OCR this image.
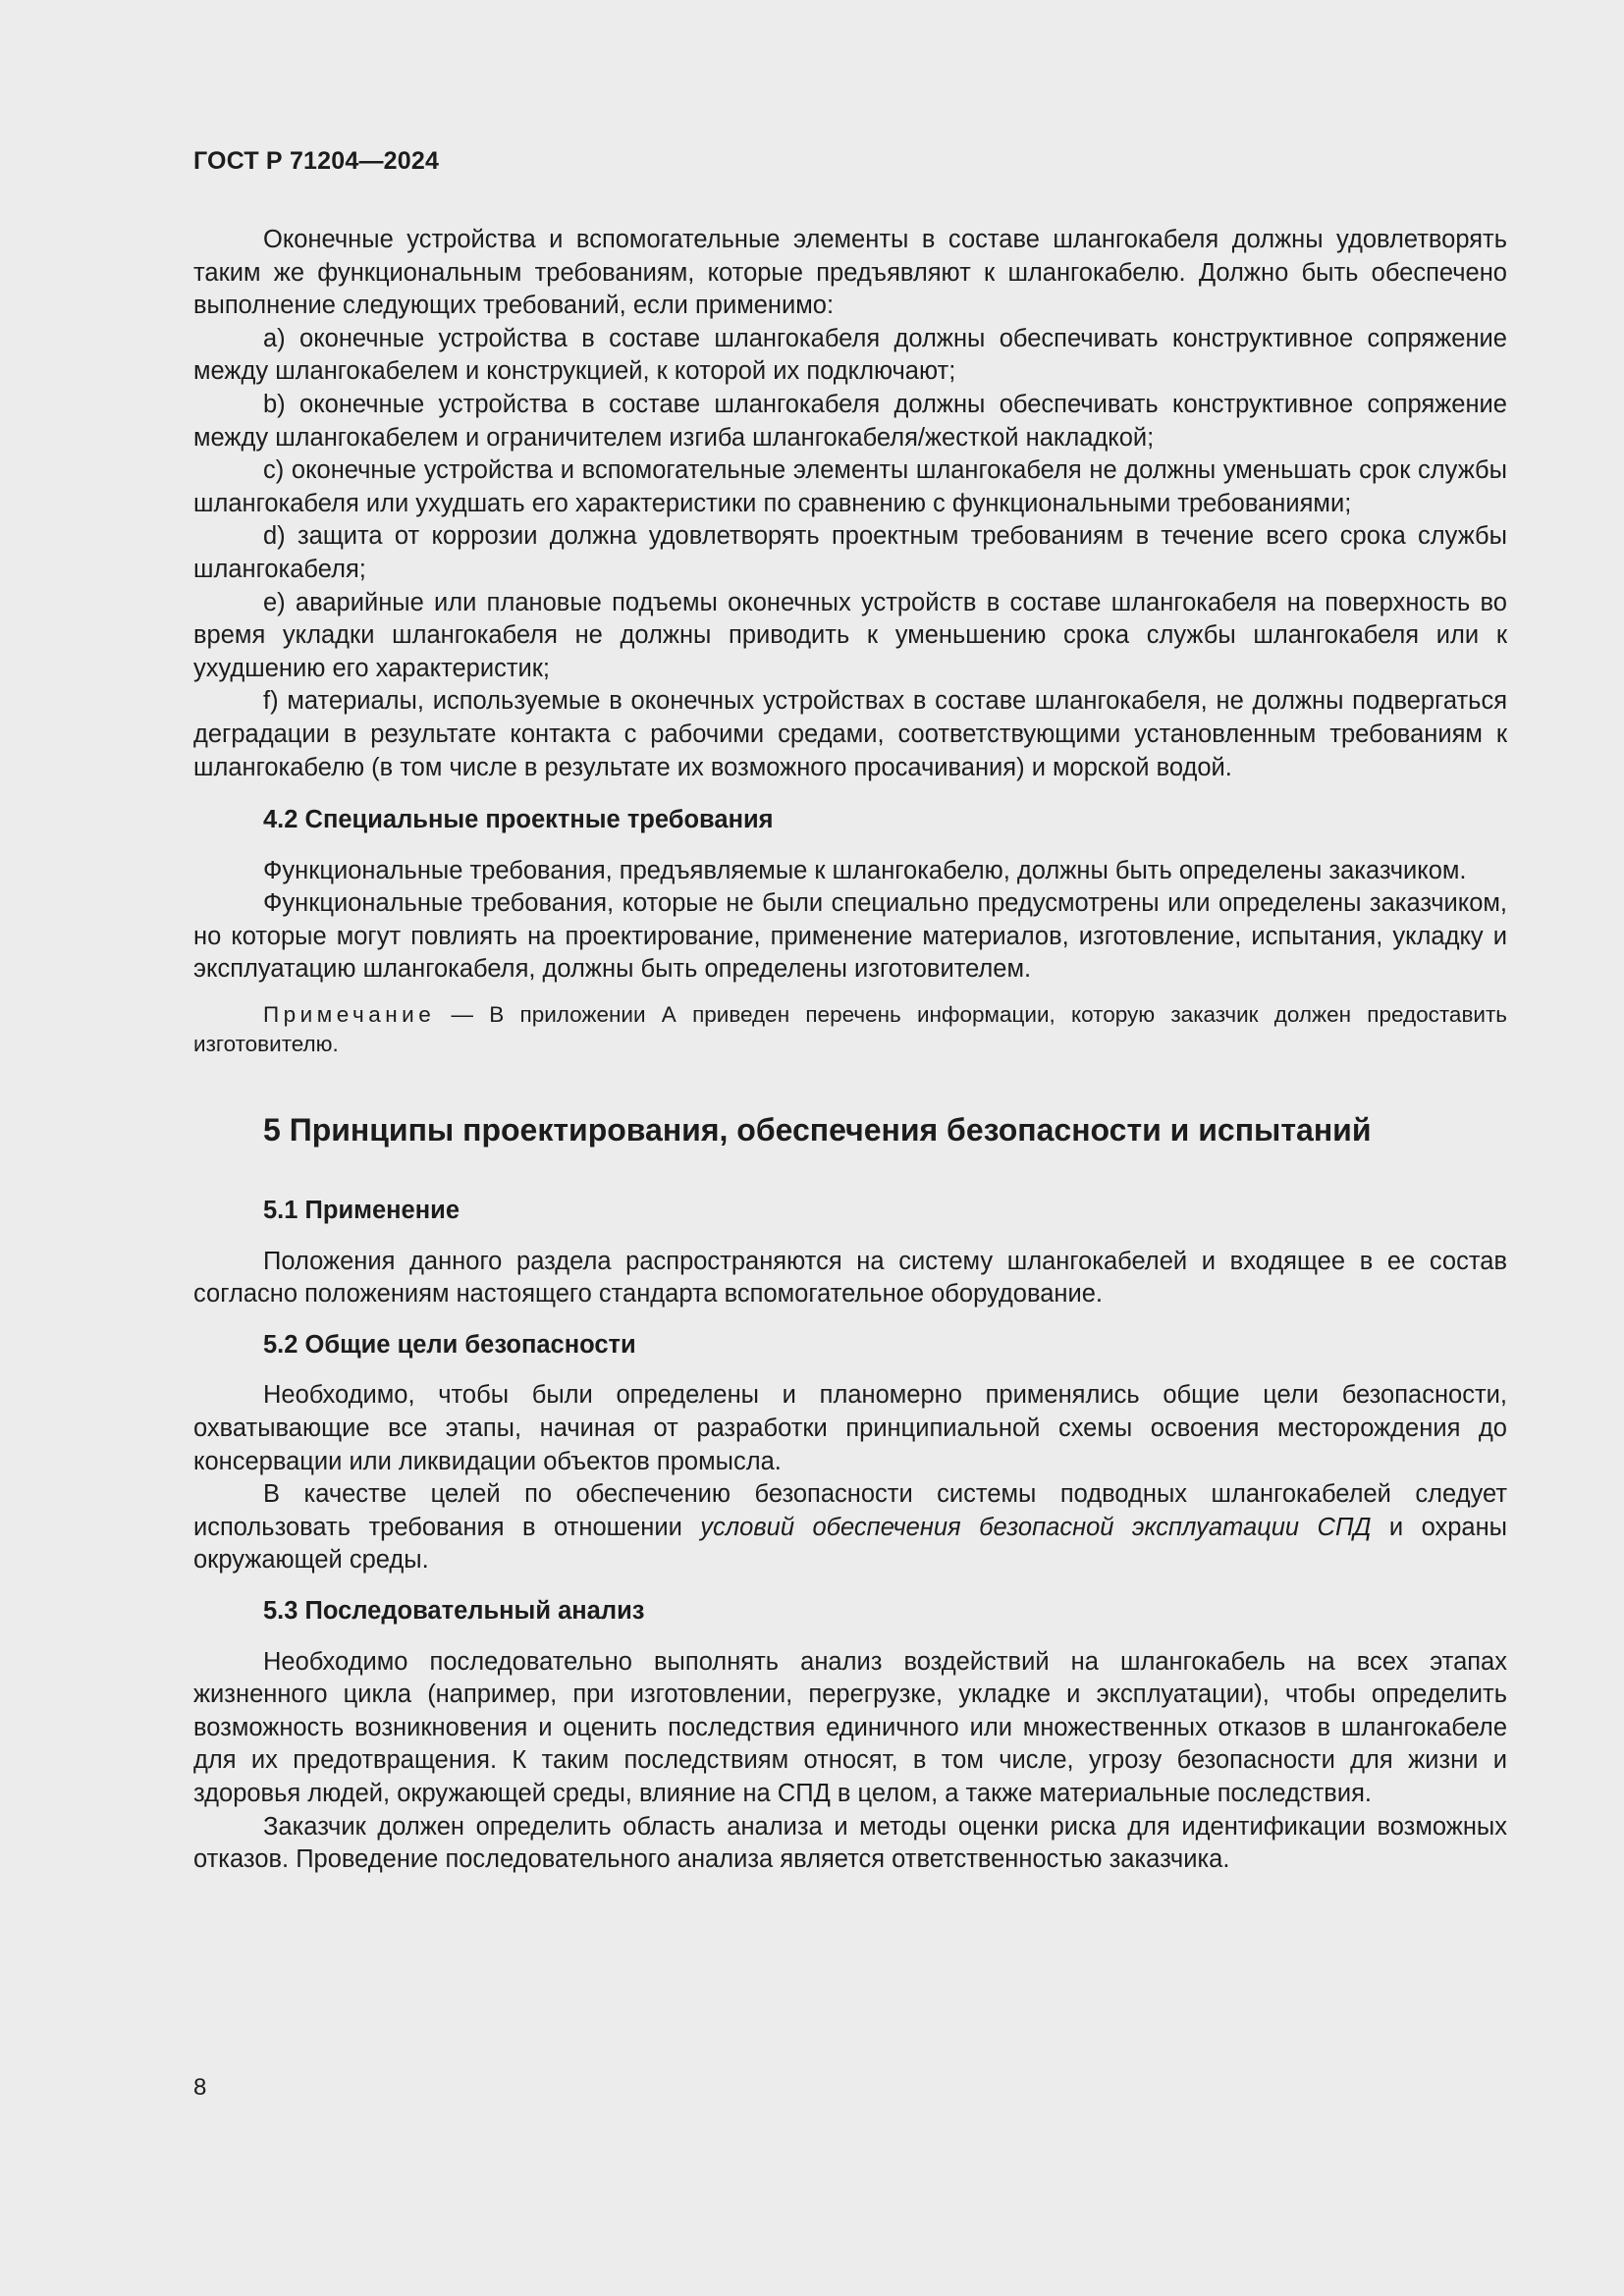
ГОСТ Р 71204—2024

Оконечные устройства и вспомогательные элементы в составе шлангокабеля должны удовлетворять таким же функциональным требованиям, которые предъявляют к шлангокабелю. Должно быть обеспечено выполнение следующих требований, если применимо:

а) оконечные устройства в составе шлангокабеля должны обеспечивать конструктивное сопряжение между шлангокабелем и конструкцией, к которой их подключают;

b) оконечные устройства в составе шлангокабеля должны обеспечивать конструктивное сопряжение между шлангокабелем и ограничителем изгиба шлангокабеля/жесткой накладкой;

с) оконечные устройства и вспомогательные элементы шлангокабеля не должны уменьшать срок службы шлангокабеля или ухудшать его характеристики по сравнению с функциональными требованиями;

d) защита от коррозии должна удовлетворять проектным требованиям в течение всего срока службы шлангокабеля;

е) аварийные или плановые подъемы оконечных устройств в составе шлангокабеля на поверхность во время укладки шлангокабеля не должны приводить к уменьшению срока службы шлангокабеля или к ухудшению его характеристик;

f) материалы, используемые в оконечных устройствах в составе шлангокабеля, не должны подвергаться деградации в результате контакта с рабочими средами, соответствующими установленным требованиям к шлангокабелю (в том числе в результате их возможного просачивания) и морской водой.

4.2 Специальные проектные требования

Функциональные требования, предъявляемые к шлангокабелю, должны быть определены заказчиком.

Функциональные требования, которые не были специально предусмотрены или определены заказчиком, но которые могут повлиять на проектирование, применение материалов, изготовление, испытания, укладку и эксплуатацию шлангокабеля, должны быть определены изготовителем.

Примечание — В приложении А приведен перечень информации, которую заказчик должен предоставить изготовителю.
5 Принципы проектирования, обеспечения безопасности и испытаний
5.1 Применение

Положения данного раздела распространяются на систему шлангокабелей и входящее в ее состав согласно положениям настоящего стандарта вспомогательное оборудование.

5.2 Общие цели безопасности

Необходимо, чтобы были определены и планомерно применялись общие цели безопасности, охватывающие все этапы, начиная от разработки принципиальной схемы освоения месторождения до консервации или ликвидации объектов промысла.

В качестве целей по обеспечению безопасности системы подводных шлангокабелей следует использовать требования в отношении условий обеспечения безопасной эксплуатации СПД и охраны окружающей среды.

5.3 Последовательный анализ

Необходимо последовательно выполнять анализ воздействий на шлангокабель на всех этапах жизненного цикла (например, при изготовлении, перегрузке, укладке и эксплуатации), чтобы определить возможность возникновения и оценить последствия единичного или множественных отказов в шлангокабеле для их предотвращения. К таким последствиям относят, в том числе, угрозу безопасности для жизни и здоровья людей, окружающей среды, влияние на СПД в целом, а также материальные последствия.

Заказчик должен определить область анализа и методы оценки риска для идентификации возможных отказов. Проведение последовательного анализа является ответственностью заказчика.

8
